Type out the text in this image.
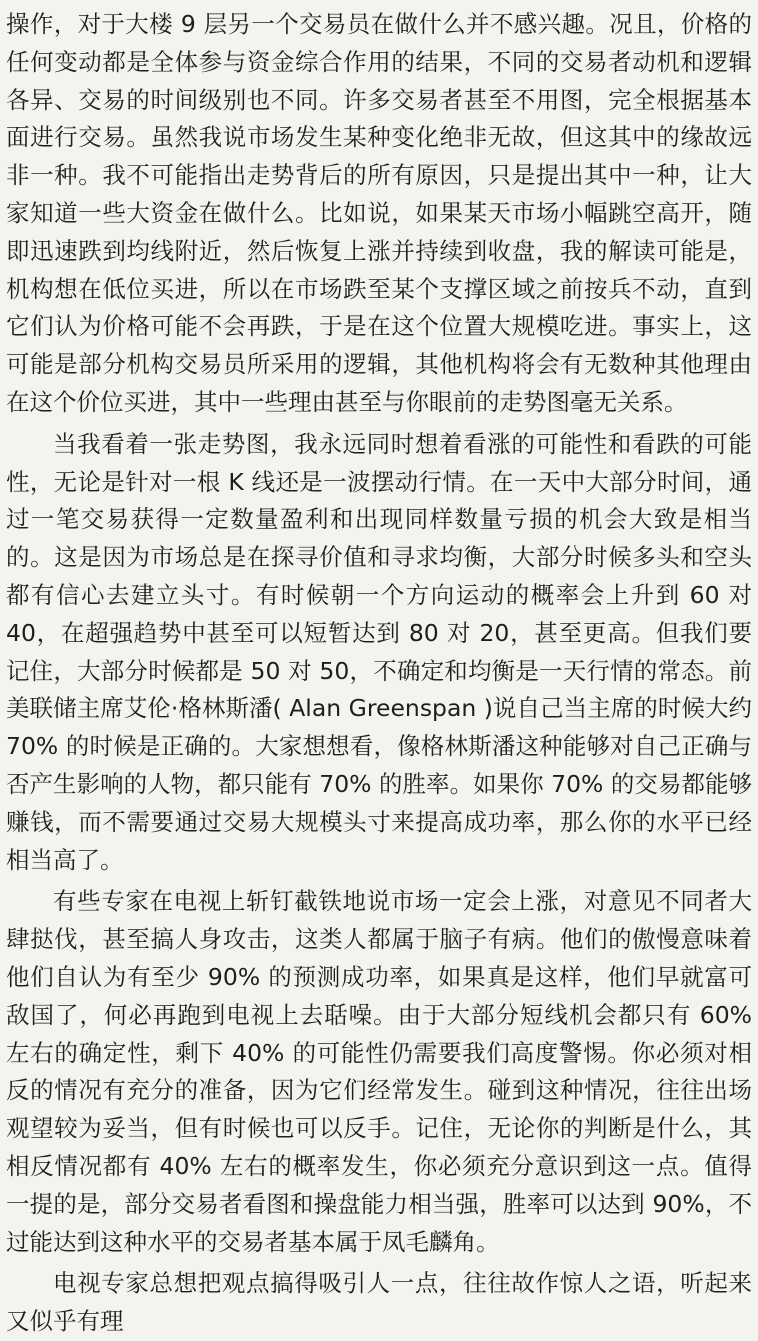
操作，对于大楼 9 层另一个交易员在做什么并不感兴趣。况且，价格的任何变动都是全体参与资金综合作用的结果，不同的交易者动机和逻辑各异、交易的时间级别也不同。许多交易者甚至不用图，完全根据基本面进行交易。虽然我说市场发生某种变化绝非无故，但这其中的缘故远非一种。我不可能指出走势背后的所有原因，只是提出其中一种，让大家知道一些大资金在做什么。比如说，如果某天市场小幅跳空高开，随即迅速跌到均线附近，然后恢复上涨并持续到收盘，我的解读可能是，机构想在低位买进，所以在市场跌至某个支撑区域之前按兵不动，直到它们认为价格可能不会再跌，于是在这个位置大规模吃进。事实上，这可能是部分机构交易员所采用的逻辑，其他机构将会有无数种其他理由在这个价位买进，其中一些理由甚至与你眼前的走势图毫无关系。

当我看着一张走势图，我永远同时想着看涨的可能性和看跌的可能性，无论是针对一根 K 线还是一波摆动行情。在一天中大部分时间，通过一笔交易获得一定数量盈利和出现同样数量亏损的机会大致是相当的。这是因为市场总是在探寻价值和寻求均衡，大部分时候多头和空头都有信心去建立头寸。有时候朝一个方向运动的概率会上升到 60 对 40，在超强趋势中甚至可以短暂达到 80 对 20，甚至更高。但我们要记住，大部分时候都是 50 对 50，不确定和均衡是一天行情的常态。前美联储主席艾伦·格林斯潘( Alan Greenspan )说自己当主席的时候大约 70% 的时候是正确的。大家想想看，像格林斯潘这种能够对自己正确与否产生影响的人物，都只能有 70% 的胜率。如果你 70% 的交易都能够赚钱，而不需要通过交易大规模头寸来提高成功率，那么你的水平已经相当高了。

有些专家在电视上斩钉截铁地说市场一定会上涨，对意见不同者大肆挞伐，甚至搞人身攻击，这类人都属于脑子有病。他们的傲慢意味着他们自认为有至少 90% 的预测成功率，如果真是这样，他们早就富可敌国了，何必再跑到电视上去聒噪。由于大部分短线机会都只有 60% 左右的确定性，剩下 40% 的可能性仍需要我们高度警惕。你必须对相反的情况有充分的准备，因为它们经常发生。碰到这种情况，往往出场观望较为妥当，但有时候也可以反手。记住，无论你的判断是什么，其相反情况都有 40% 左右的概率发生，你必须充分意识到这一点。值得一提的是，部分交易者看图和操盘能力相当强，胜率可以达到 90%，不过能达到这种水平的交易者基本属于凤毛麟角。

电视专家总想把观点搞得吸引人一点，往往故作惊人之语，听起来又似乎有理
